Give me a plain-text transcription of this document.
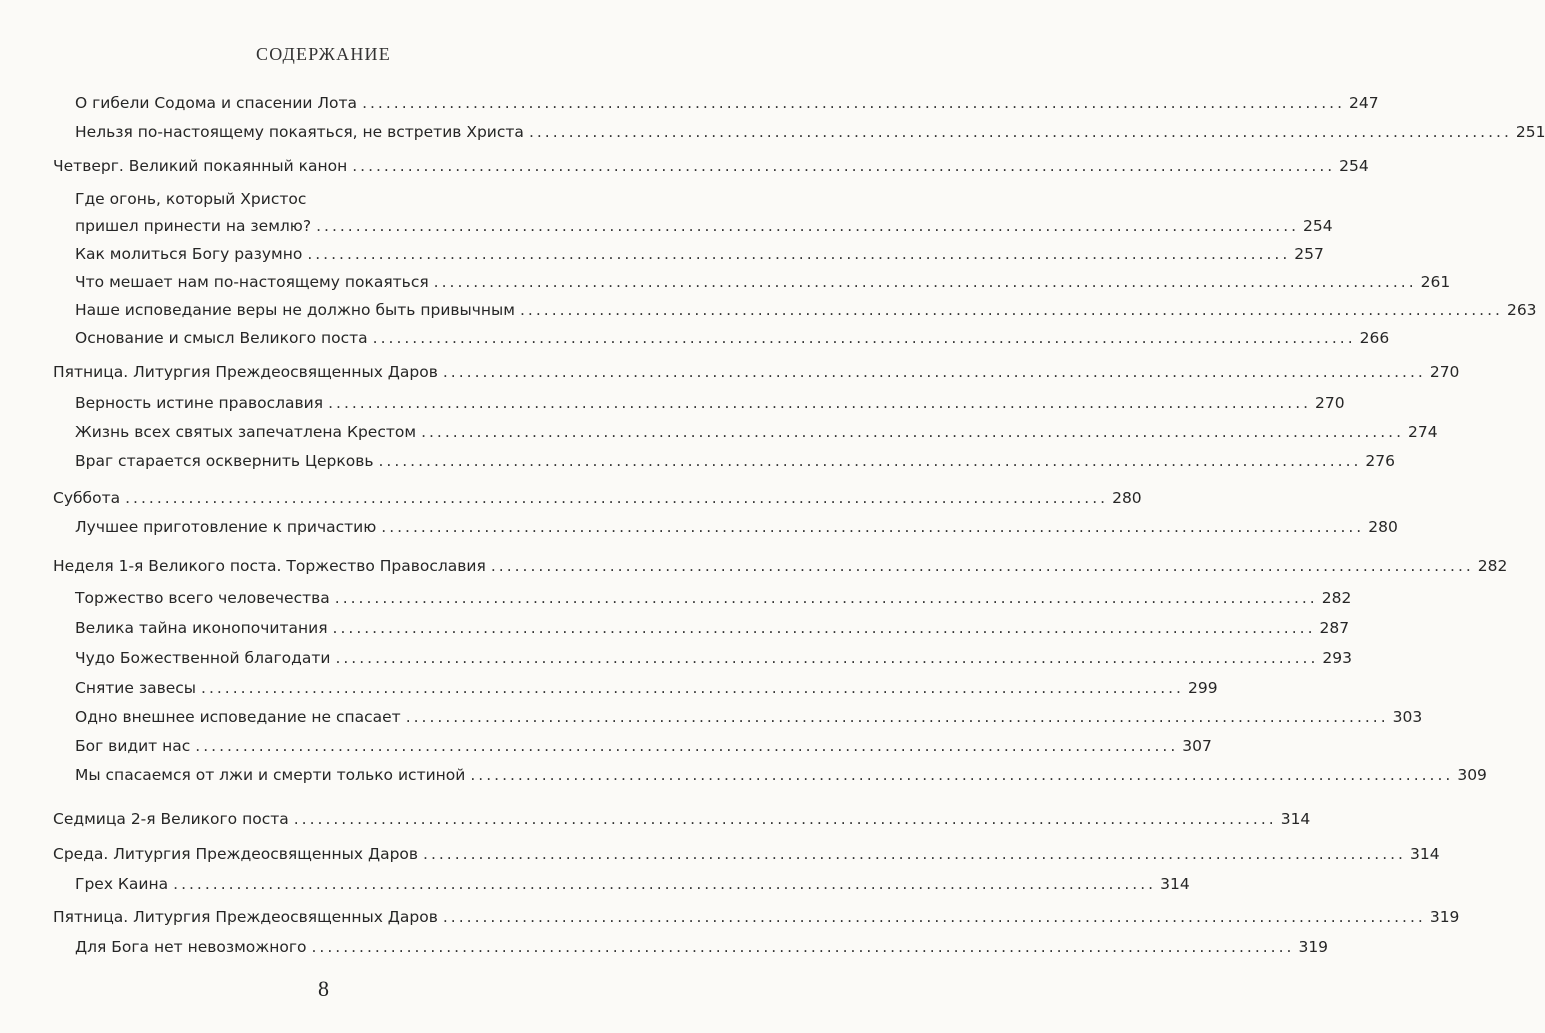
СОДЕРЖАНИЕ
О гибели Содома и спасении Лота ............................................................................................................................ 247
Нельзя по-настоящему покаяться, не встретив Христа ............................................................................................................................ 251
Четверг. Великий покаянный канон ............................................................................................................................ 254
Где огонь, который Христос
пришел принести на землю? ............................................................................................................................ 254
Как молиться Богу разумно ............................................................................................................................ 257
Что мешает нам по-настоящему покаяться ............................................................................................................................ 261
Наше исповедание веры не должно быть привычным ............................................................................................................................ 263
Основание и смысл Великого поста ............................................................................................................................ 266
Пятница. Литургия Преждеосвященных Даров ............................................................................................................................ 270
Верность истине православия ............................................................................................................................ 270
Жизнь всех святых запечатлена Крестом ............................................................................................................................ 274
Враг старается осквернить Церковь ............................................................................................................................ 276
Суббота ............................................................................................................................ 280
Лучшее приготовление к причастию ............................................................................................................................ 280
Неделя 1-я Великого поста. Торжество Православия ............................................................................................................................ 282
Торжество всего человечества ............................................................................................................................ 282
Велика тайна иконопочитания ............................................................................................................................ 287
Чудо Божественной благодати ............................................................................................................................ 293
Снятие завесы ............................................................................................................................ 299
Одно внешнее исповедание не спасает ............................................................................................................................ 303
Бог видит нас ............................................................................................................................ 307
Мы спасаемся от лжи и смерти только истиной ............................................................................................................................ 309
Седмица 2-я Великого поста ............................................................................................................................ 314
Среда. Литургия Преждеосвященных Даров ............................................................................................................................ 314
Грех Каина ............................................................................................................................ 314
Пятница. Литургия Преждеосвященных Даров ............................................................................................................................ 319
Для Бога нет невозможного ............................................................................................................................ 319
8
